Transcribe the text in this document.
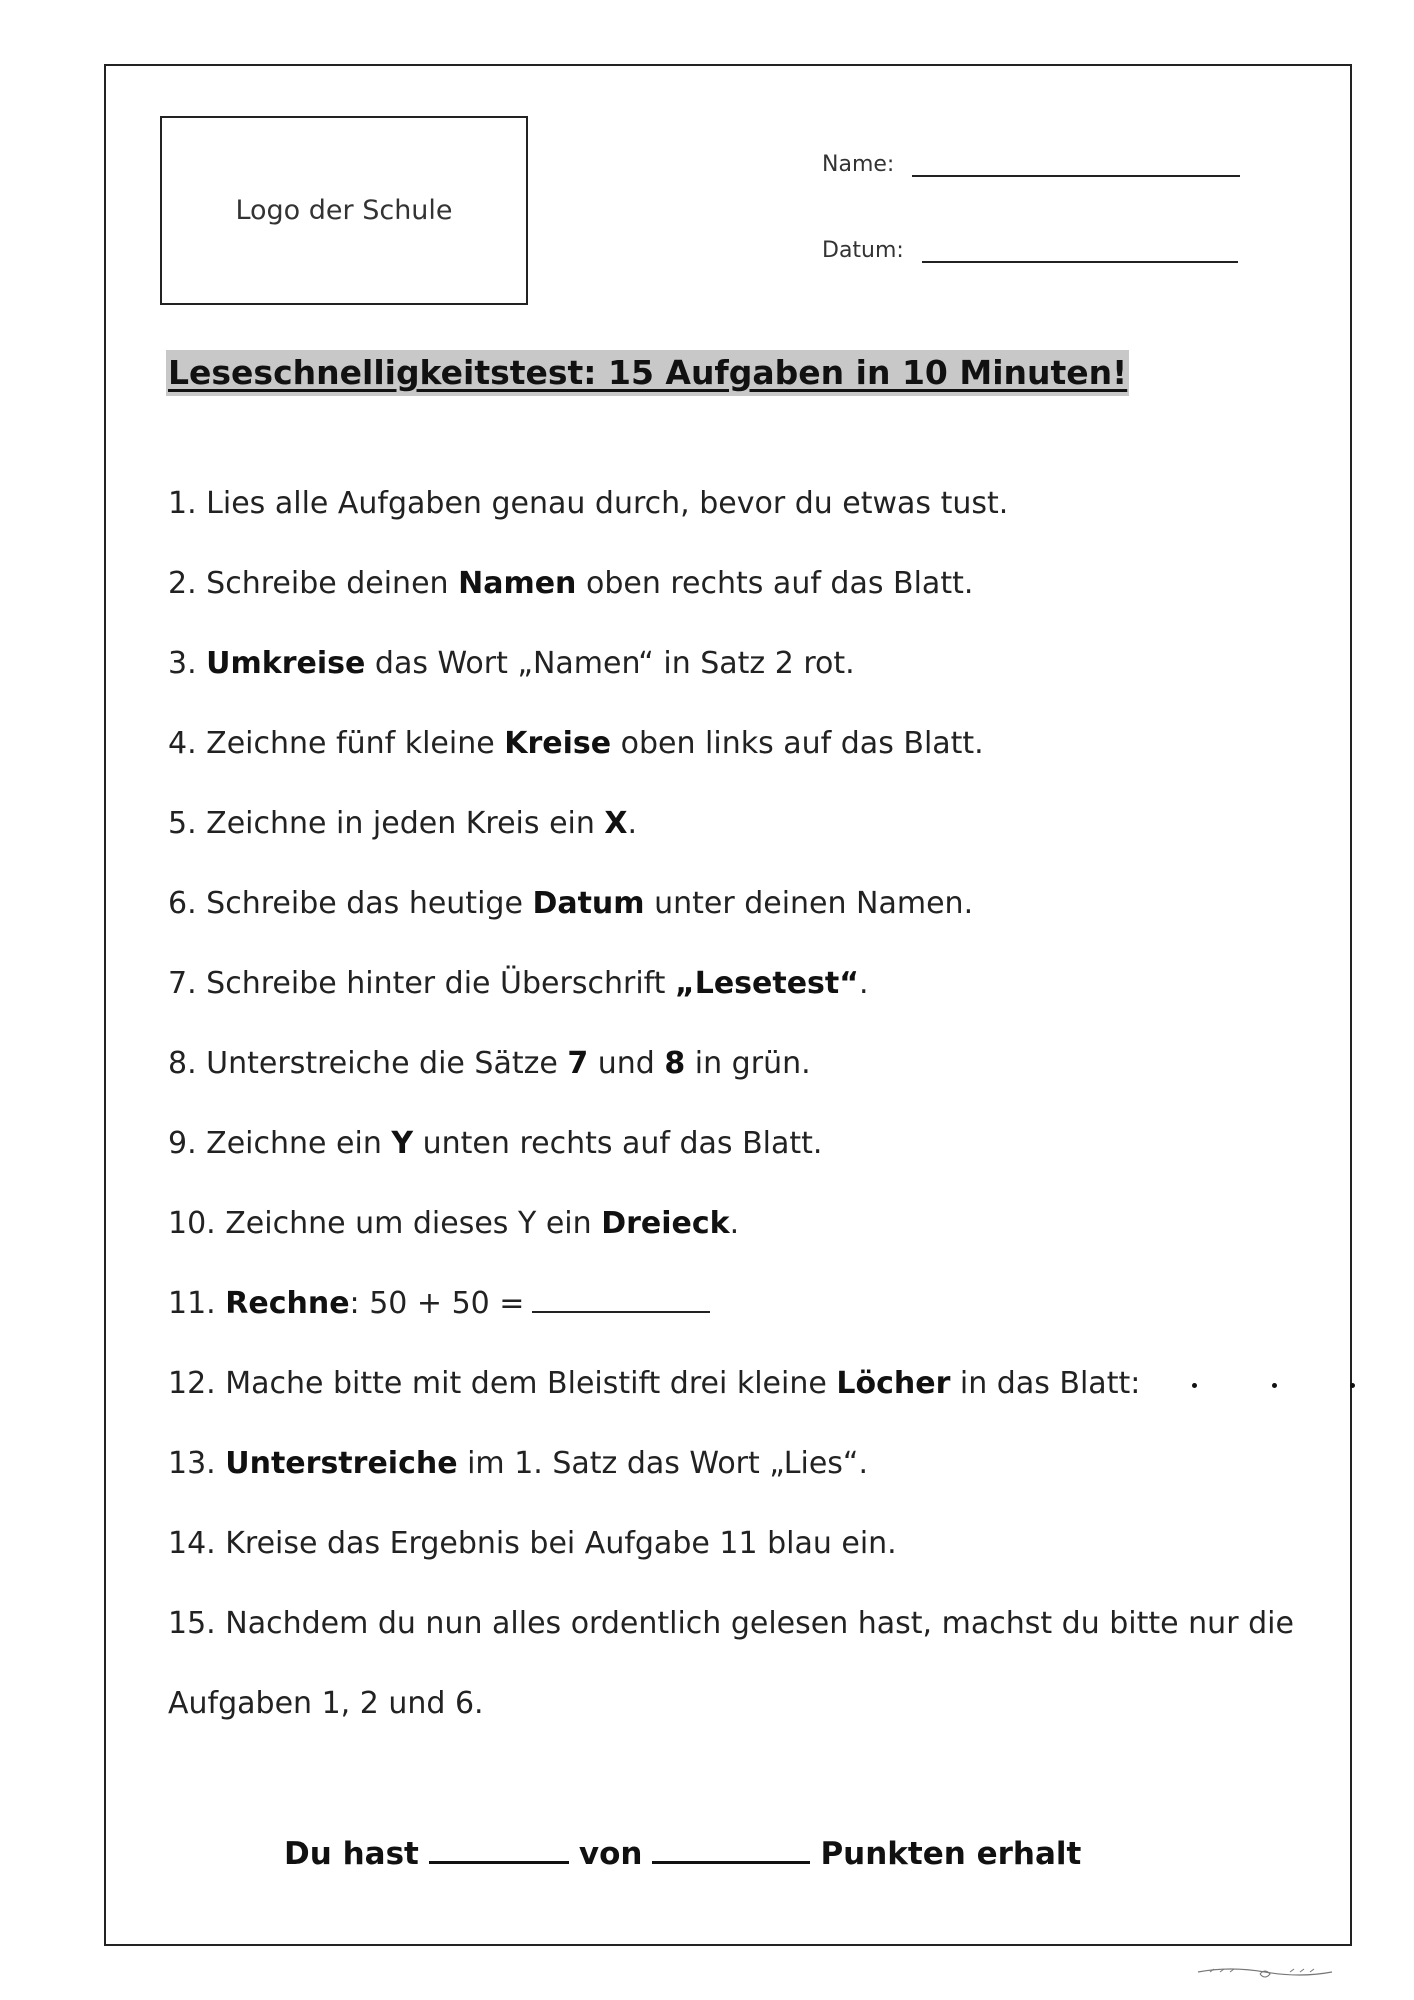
Logo der Schule
Name:
Datum:
Leseschnelligkeitstest: 15 Aufgaben in 10 Minuten!
1. Lies alle Aufgaben genau durch, bevor du etwas tust.
2. Schreibe deinen Namen oben rechts auf das Blatt.
3. Umkreise das Wort „Namen“ in Satz 2 rot.
4. Zeichne fünf kleine Kreise oben links auf das Blatt.
5. Zeichne in jeden Kreis ein X.
6. Schreibe das heutige Datum unter deinen Namen.
7. Schreibe hinter die Überschrift „Lesetest“.
8. Unterstreiche die Sätze 7 und 8 in grün.
9. Zeichne ein Y unten rechts auf das Blatt.
10. Zeichne um dieses Y ein Dreieck.
11. Rechne: 50 + 50 =
12. Mache bitte mit dem Bleistift drei kleine Löcher in das Blatt:
13. Unterstreiche im 1. Satz das Wort „Lies“.
14. Kreise das Ergebnis bei Aufgabe 11 blau ein.
15. Nachdem du nun alles ordentlich gelesen hast, machst du bitte nur die
Aufgaben 1, 2 und 6.
Du hast	von	Punkten erhalt
